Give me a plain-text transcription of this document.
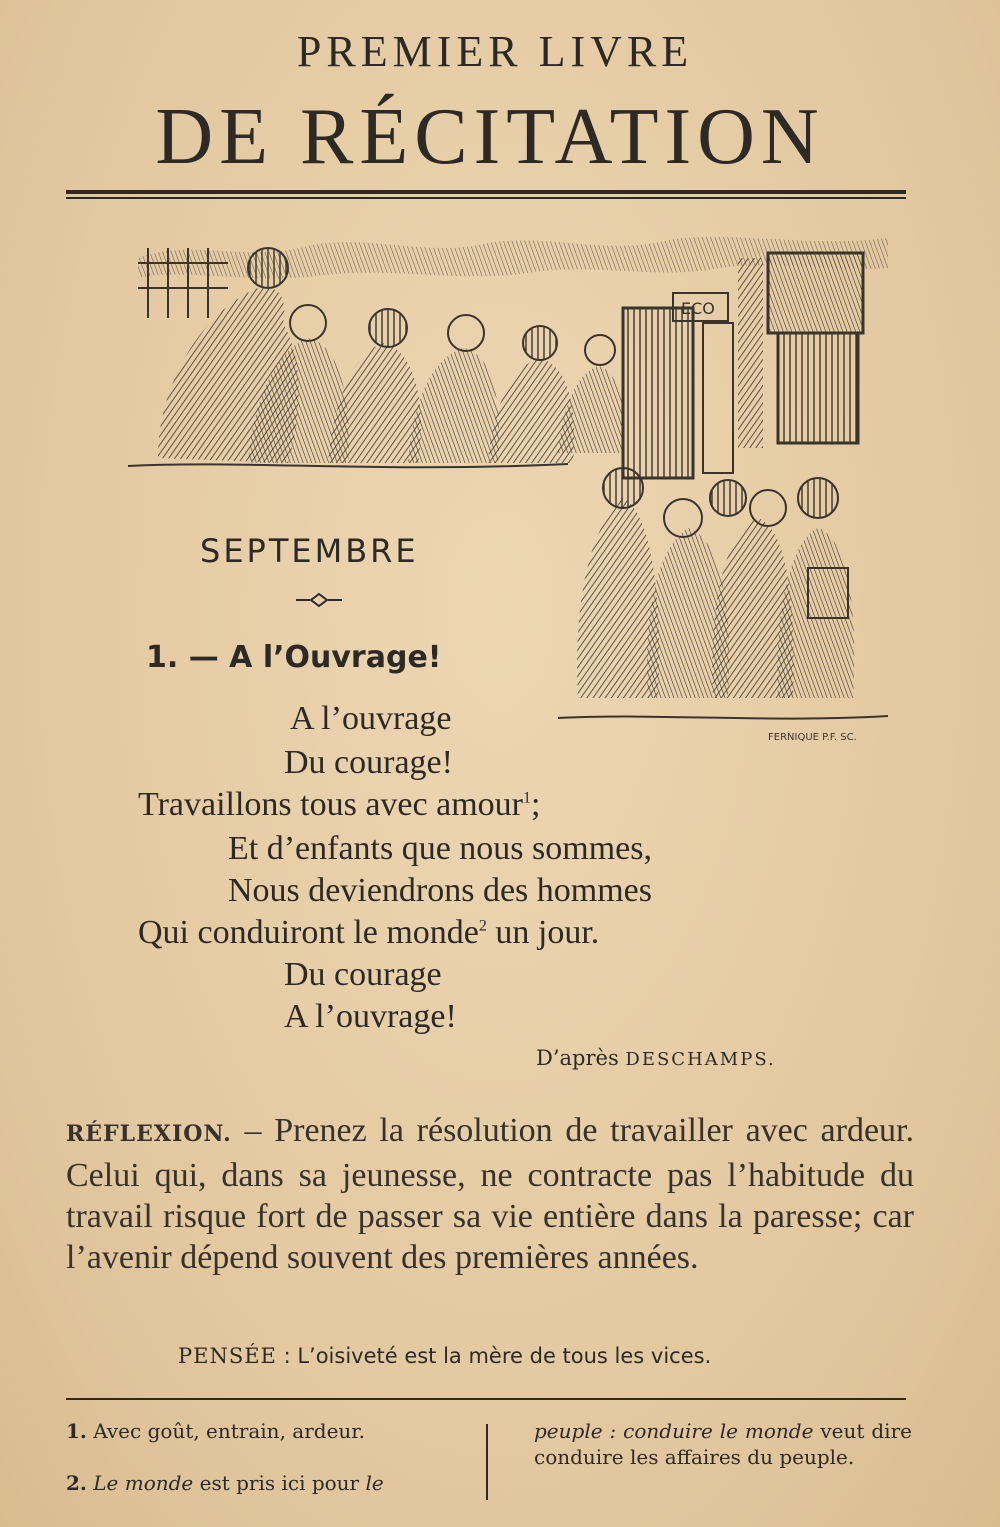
PREMIER LIVRE
DE RÉCITATION
ECO
FERNIQUE P.F. SC.
SEPTEMBRE
1. — A l’Ouvrage!
A l’ouvrage
Du courage!
Travaillons tous avec amour$^1$;
Et d’enfants que nous sommes,
Nous deviendrons des hommes
Qui conduiront le monde$^2$ un jour.
Du courage
A l’ouvrage!
D’après DESCHAMPS.
RÉFLEXION. – Prenez la résolution de travailler avec ardeur. Celui qui, dans sa jeunesse, ne contracte pas l’habitude du travail risque fort de passer sa vie entière dans la paresse; car l’avenir dépend souvent des premières années.
PENSÉE : L’oisiveté est la mère de tous les vices.
1. Avec goût, entrain, ardeur.
2. Le monde est pris ici pour le
peuple : conduire le monde veut dire conduire les affaires du peuple.
